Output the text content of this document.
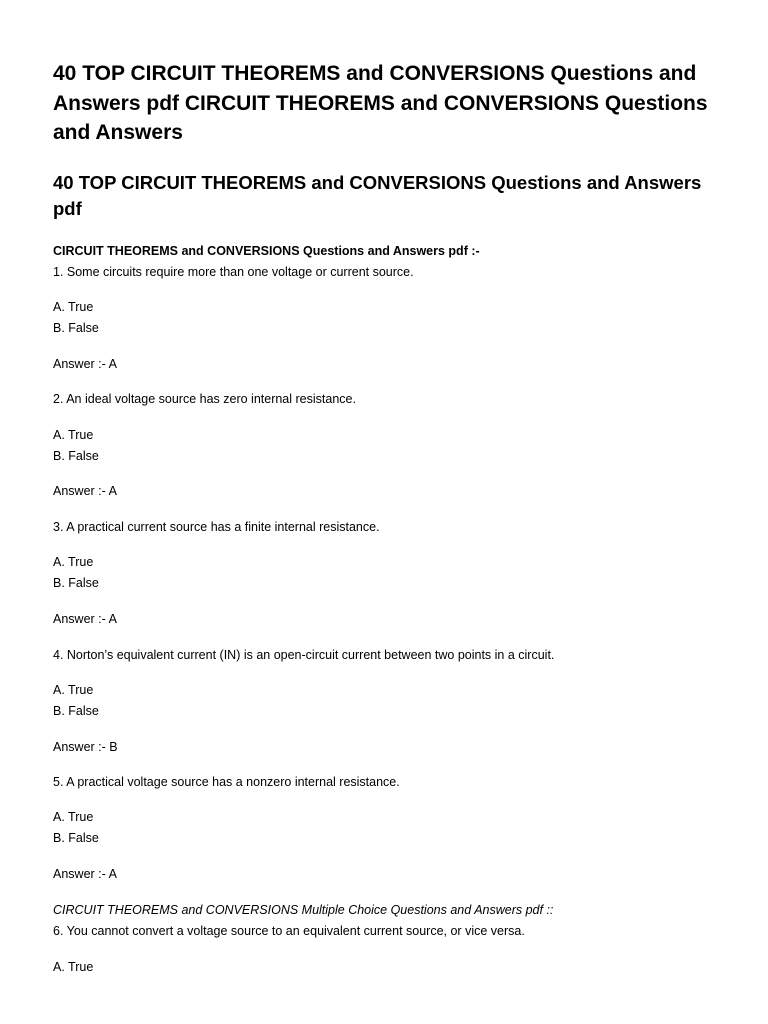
40 TOP CIRCUIT THEOREMS and CONVERSIONS Questions and Answers pdf CIRCUIT THEOREMS and CONVERSIONS Questions and Answers
40 TOP CIRCUIT THEOREMS and CONVERSIONS Questions and Answers pdf
CIRCUIT THEOREMS and CONVERSIONS Questions and Answers pdf :-
1. Some circuits require more than one voltage or current source.
A. True
B. False
Answer :- A
2. An ideal voltage source has zero internal resistance.
A. True
B. False
Answer :- A
3. A practical current source has a finite internal resistance.
A. True
B. False
Answer :- A
4. Norton’s equivalent current (IN) is an open-circuit current between two points in a circuit.
A. True
B. False
Answer :- B
5. A practical voltage source has a nonzero internal resistance.
A. True
B. False
Answer :- A
CIRCUIT THEOREMS and CONVERSIONS Multiple Choice Questions and Answers pdf ::
6. You cannot convert a voltage source to an equivalent current source, or vice versa.
A. True
